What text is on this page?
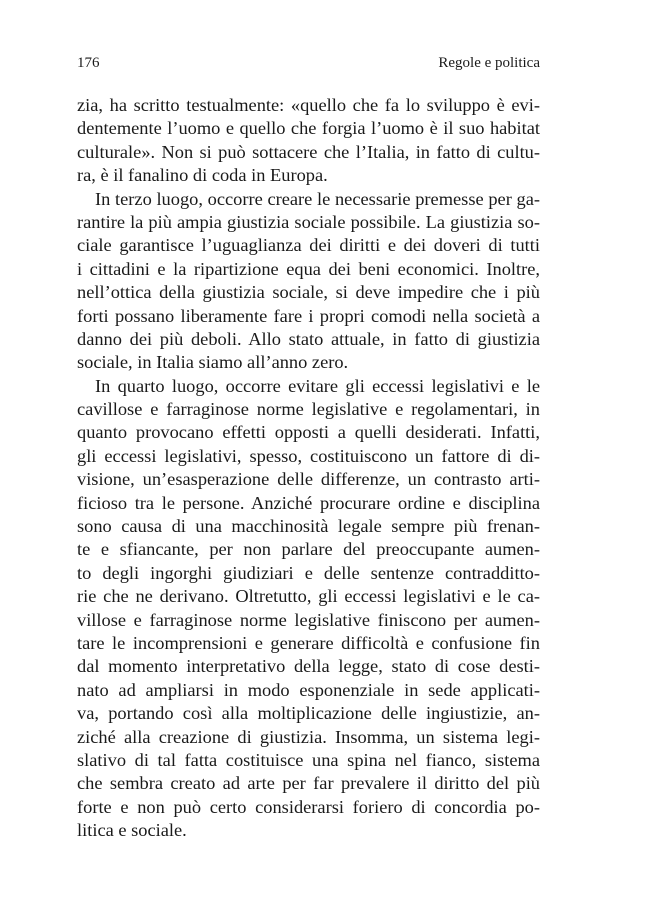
176	Regole e politica
zia, ha scritto testualmente: «quello che fa lo sviluppo è evi-
dentemente l’uomo e quello che forgia l’uomo è il suo habitat
culturale». Non si può sottacere che l’Italia, in fatto di cultu-
ra, è il fanalino di coda in Europa.
In terzo luogo, occorre creare le necessarie premesse per ga-
rantire la più ampia giustizia sociale possibile. La giustizia so-
ciale garantisce l’uguaglianza dei diritti e dei doveri di tutti
i cittadini e la ripartizione equa dei beni economici. Inoltre,
nell’ottica della giustizia sociale, si deve impedire che i più
forti possano liberamente fare i propri comodi nella società a
danno dei più deboli. Allo stato attuale, in fatto di giustizia
sociale, in Italia siamo all’anno zero.
In quarto luogo, occorre evitare gli eccessi legislativi e le
cavillose e farraginose norme legislative e regolamentari, in
quanto provocano effetti opposti a quelli desiderati. Infatti,
gli eccessi legislativi, spesso, costituiscono un fattore di di-
visione, un’esasperazione delle differenze, un contrasto arti-
ficioso tra le persone. Anziché procurare ordine e disciplina
sono causa di una macchinosità legale sempre più frenan-
te e sfiancante, per non parlare del preoccupante aumen-
to degli ingorghi giudiziari e delle sentenze contradditto-
rie che ne derivano. Oltretutto, gli eccessi legislativi e le ca-
villose e farraginose norme legislative finiscono per aumen-
tare le incomprensioni e generare difficoltà e confusione fin
dal momento interpretativo della legge, stato di cose desti-
nato ad ampliarsi in modo esponenziale in sede applicati-
va, portando così alla moltiplicazione delle ingiustizie, an-
ziché alla creazione di giustizia. Insomma, un sistema legi-
slativo di tal fatta costituisce una spina nel fianco, sistema
che sembra creato ad arte per far prevalere il diritto del più
forte e non può certo considerarsi foriero di concordia po-
litica e sociale.
